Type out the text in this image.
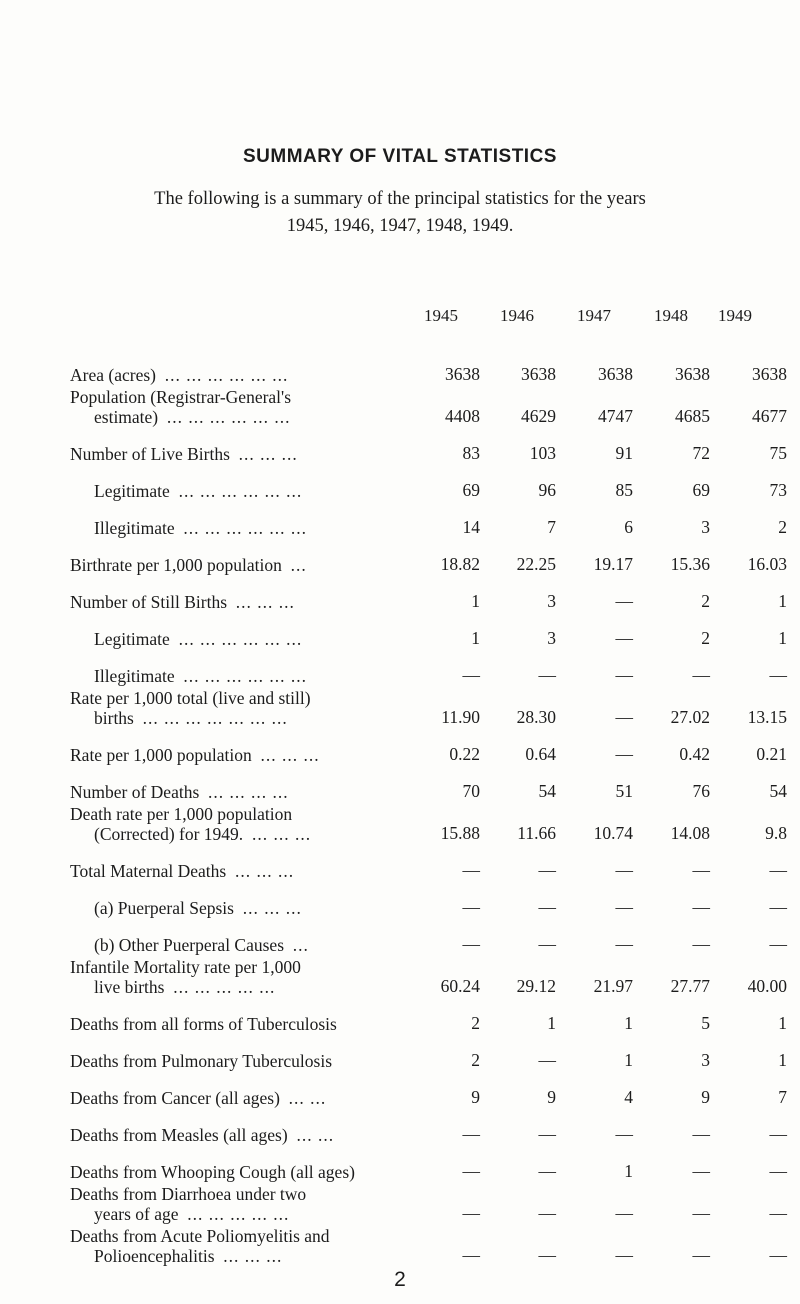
SUMMARY OF VITAL STATISTICS
The following is a summary of the principal statistics for the years
1945, 1946, 1947, 1948, 1949.
1945	1946	1947	1948	1949
Area (acres) ... ... ... ... ... ...	3638	3638	3638	3638	3638
Population (Registrar-General's
estimate) ... ... ... ... ... ...	4408	4629	4747	4685	4677
Number of Live Births ... ... ...	83	103	91	72	75
Legitimate ... ... ... ... ... ...	69	96	85	69	73
Illegitimate ... ... ... ... ... ...	14	7	6	3	2
Birthrate per 1,000 population ...	18.82	22.25	19.17	15.36	16.03
Number of Still Births ... ... ...	1	3	—	2	1
Legitimate ... ... ... ... ... ...	1	3	—	2	1
Illegitimate ... ... ... ... ... ...	—	—	—	—	—
Rate per 1,000 total (live and still)
births ... ... ... ... ... ... ...	11.90	28.30	—	27.02	13.15
Rate per 1,000 population ... ... ...	0.22	0.64	—	0.42	0.21
Number of Deaths ... ... ... ...	70	54	51	76	54
Death rate per 1,000 population
(Corrected) for 1949. ... ... ...	15.88	11.66	10.74	14.08	9.8
Total Maternal Deaths ... ... ...	—	—	—	—	—
(a) Puerperal Sepsis ... ... ...	—	—	—	—	—
(b) Other Puerperal Causes ...	—	—	—	—	—
Infantile Mortality rate per 1,000
live births ... ... ... ... ...	60.24	29.12	21.97	27.77	40.00
Deaths from all forms of Tuberculosis	2	1	1	5	1
Deaths from Pulmonary Tuberculosis	2	—	1	3	1
Deaths from Cancer (all ages) ... ...	9	9	4	9	7
Deaths from Measles (all ages) ... ...	—	—	—	—	—
Deaths from Whooping Cough (all ages)	—	—	1	—	—
Deaths from Diarrhoea under two
years of age ... ... ... ... ...	—	—	—	—	—
Deaths from Acute Poliomyelitis and
Polioencephalitis ... ... ...	—	—	—	—	—
2
